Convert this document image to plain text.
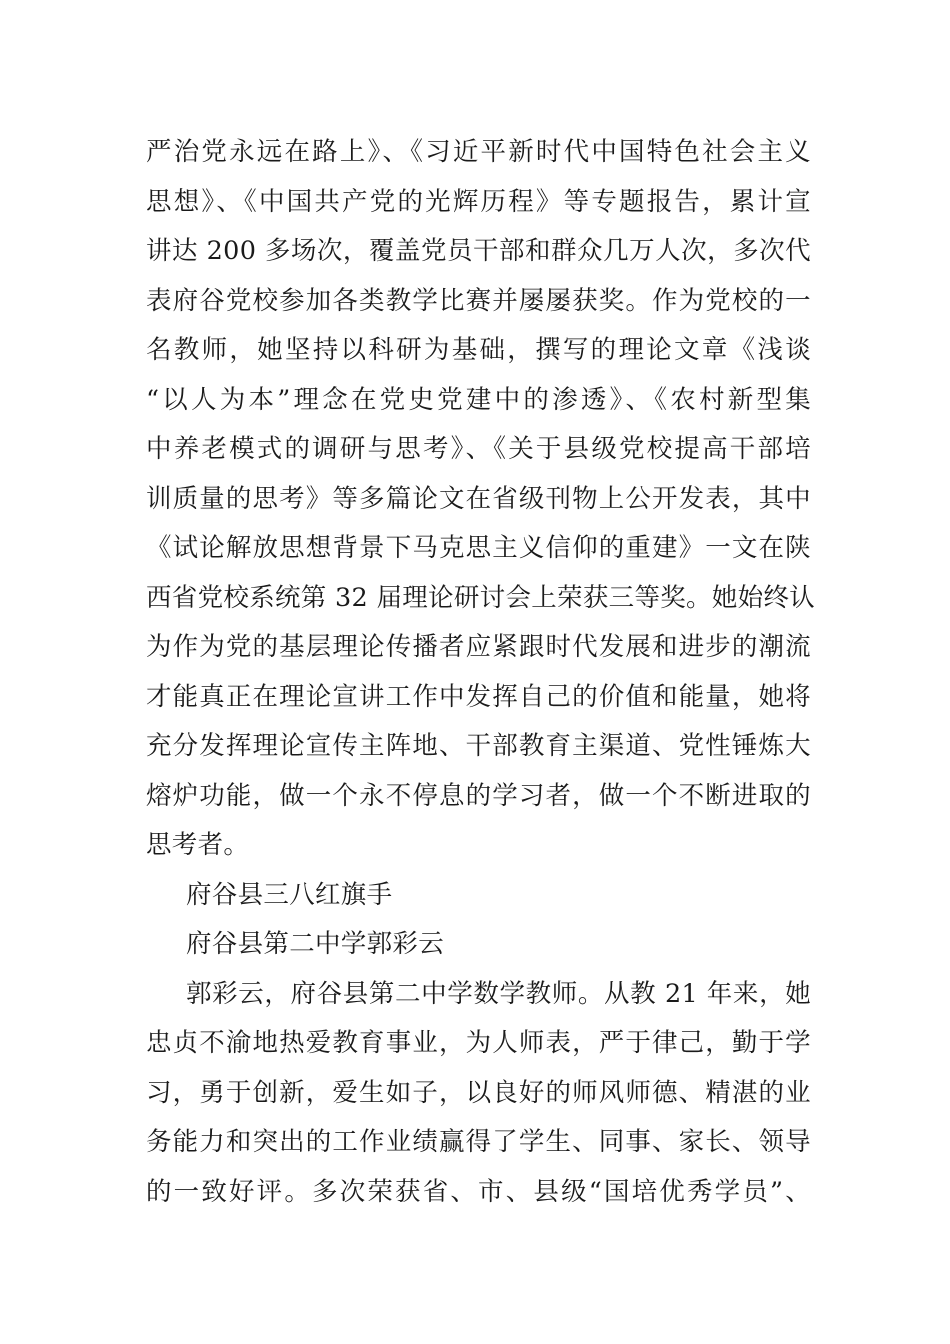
严治党永远在路上》、《习近平新时代中国特色社会主义
思想》、《中国共产党的光辉历程》等专题报告，累计宣
讲达 200 多场次，覆盖党员干部和群众几万人次，多次代
表府谷党校参加各类教学比赛并屡屡获奖。作为党校的一
名教师，她坚持以科研为基础，撰写的理论文章《浅谈
“以人为本”理念在党史党建中的渗透》、《农村新型集
中养老模式的调研与思考》、《关于县级党校提高干部培
训质量的思考》等多篇论文在省级刊物上公开发表，其中
《试论解放思想背景下马克思主义信仰的重建》一文在陕
西省党校系统第 32 届理论研讨会上荣获三等奖。她始终认
为作为党的基层理论传播者应紧跟时代发展和进步的潮流
才能真正在理论宣讲工作中发挥自己的价值和能量，她将
充分发挥理论宣传主阵地、干部教育主渠道、党性锤炼大
熔炉功能，做一个永不停息的学习者，做一个不断进取的
思考者。
府谷县三八红旗手
府谷县第二中学郭彩云
郭彩云，府谷县第二中学数学教师。从教 21 年来，她
忠贞不渝地热爱教育事业，为人师表，严于律己，勤于学
习，勇于创新，爱生如子，以良好的师风师德、精湛的业
务能力和突出的工作业绩赢得了学生、同事、家长、领导
的一致好评。多次荣获省、市、县级“国培优秀学员”、
